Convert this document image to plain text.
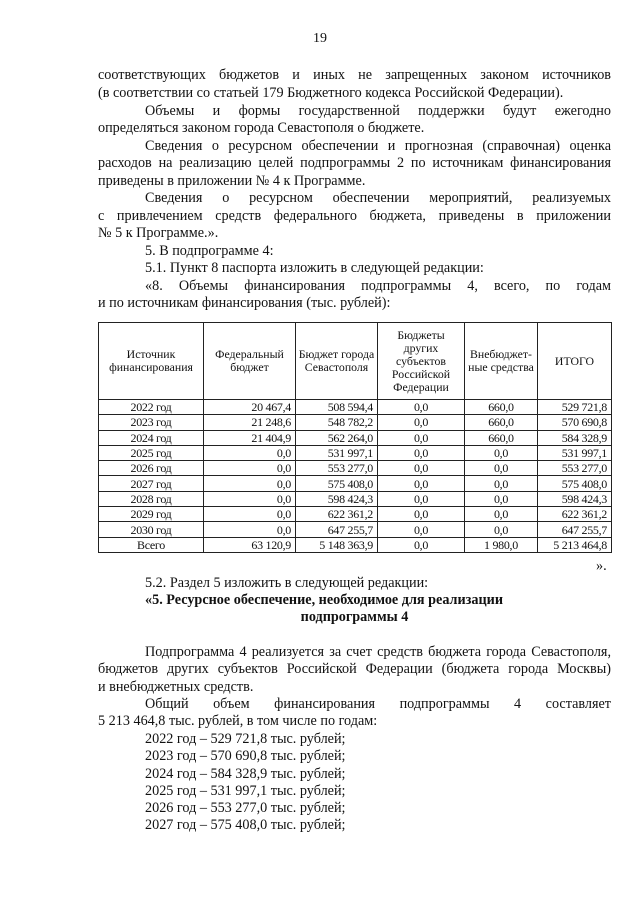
19
соответствующих бюджетов и иных не запрещенных законом источников
(в соответствии со статьей 179 Бюджетного кодекса Российской Федерации).
Объемы и формы государственной поддержки будут ежегодно
определяться законом города Севастополя о бюджете.
Сведения о ресурсном обеспечении и прогнозная (справочная) оценка
расходов на реализацию целей подпрограммы 2 по источникам финансирования
приведены в приложении № 4 к Программе.
Сведения о ресурсном обеспечении мероприятий, реализуемых
с привлечением средств федерального бюджета, приведены в приложении
№ 5 к Программе.».
5. В подпрограмме 4:
5.1. Пункт 8 паспорта изложить в следующей редакции:
«8. Объемы финансирования подпрограммы 4, всего, по годам
и по источникам финансирования (тыс. рублей):
Источник финансирования	Федеральный бюджет	Бюджет города Севастополя	Бюджеты других субъектов Российской Федерации	Внебюджет-ные средства	ИТОГО
2022 год	20 467,4	508 594,4	0,0	660,0	529 721,8
2023 год	21 248,6	548 782,2	0,0	660,0	570 690,8
2024 год	21 404,9	562 264,0	0,0	660,0	584 328,9
2025 год	0,0	531 997,1	0,0	0,0	531 997,1
2026 год	0,0	553 277,0	0,0	0,0	553 277,0
2027 год	0,0	575 408,0	0,0	0,0	575 408,0
2028 год	0,0	598 424,3	0,0	0,0	598 424,3
2029 год	0,0	622 361,2	0,0	0,0	622 361,2
2030 год	0,0	647 255,7	0,0	0,0	647 255,7
Всего	63 120,9	5 148 363,9	0,0	1 980,0	5 213 464,8
».
5.2. Раздел 5 изложить в следующей редакции:
«5. Ресурсное обеспечение, необходимое для реализации
подпрограммы 4
Подпрограмма 4 реализуется за счет средств бюджета города Севастополя,
бюджетов других субъектов Российской Федерации (бюджета города Москвы)
и внебюджетных средств.
Общий объем финансирования подпрограммы 4 составляет
5 213 464,8 тыс. рублей, в том числе по годам:
2022 год – 529 721,8 тыс. рублей;
2023 год – 570 690,8 тыс. рублей;
2024 год – 584 328,9 тыс. рублей;
2025 год – 531 997,1 тыс. рублей;
2026 год – 553 277,0 тыс. рублей;
2027 год – 575 408,0 тыс. рублей;
